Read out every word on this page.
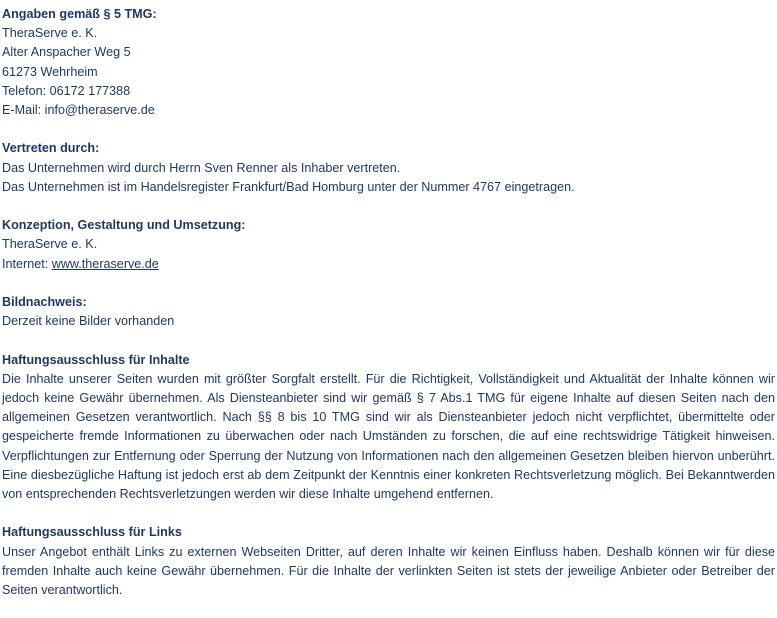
Angaben gemäß § 5 TMG:
TheraServe e. K.
Alter Anspacher Weg 5
61273 Wehrheim
Telefon: 06172 177388
E-Mail: info@theraserve.de
Vertreten durch:
Das Unternehmen wird durch Herrn Sven Renner als Inhaber vertreten.
Das Unternehmen ist im Handelsregister Frankfurt/Bad Homburg unter der Nummer 4767 eingetragen.
Konzeption, Gestaltung und Umsetzung:
TheraServe e. K.
Internet: www.theraserve.de
Bildnachweis:
Derzeit keine Bilder vorhanden
Haftungsausschluss für Inhalte
Die Inhalte unserer Seiten wurden mit größter Sorgfalt erstellt. Für die Richtigkeit, Vollständigkeit und Aktualität der Inhalte können wir jedoch keine Gewähr übernehmen. Als Diensteanbieter sind wir gemäß § 7 Abs.1 TMG für eigene Inhalte auf diesen Seiten nach den allgemeinen Gesetzen verantwortlich. Nach §§ 8 bis 10 TMG sind wir als Diensteanbieter jedoch nicht verpflichtet, übermittelte oder gespeicherte fremde Informationen zu überwachen oder nach Umständen zu forschen, die auf eine rechtswidrige Tätigkeit hinweisen. Verpflichtungen zur Entfernung oder Sperrung der Nutzung von Informationen nach den allgemeinen Gesetzen bleiben hiervon unberührt. Eine diesbezügliche Haftung ist jedoch erst ab dem Zeitpunkt der Kenntnis einer konkreten Rechtsverletzung möglich. Bei Bekanntwerden von entsprechenden Rechtsverletzungen werden wir diese Inhalte umgehend entfernen.
Haftungsausschluss für Links
Unser Angebot enthält Links zu externen Webseiten Dritter, auf deren Inhalte wir keinen Einfluss haben. Deshalb können wir für diese fremden Inhalte auch keine Gewähr übernehmen. Für die Inhalte der verlinkten Seiten ist stets der jeweilige Anbieter oder Betreiber der Seiten verantwortlich.
